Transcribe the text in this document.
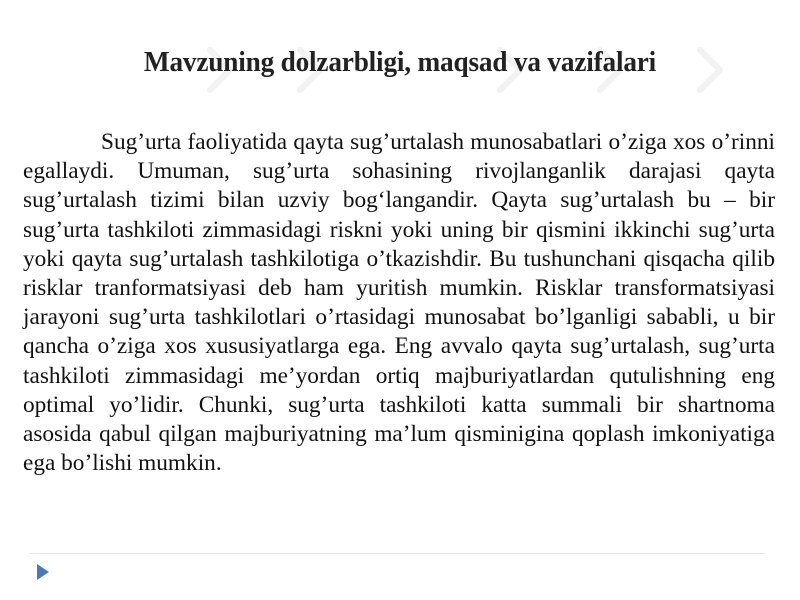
Mavzuning dolzarbligi, maqsad va vazifalari

Sug’urta faoliyatida qayta sug’urtalash munosabatlari o’ziga xos o’rinni egallaydi. Umuman, sug’urta sohasining rivojlanganlik darajasi qayta sug’urtalash tizimi bilan uzviy bog‘langandir. Qayta sug’urtalash bu – bir sug’urta tashkiloti zimmasidagi riskni yoki uning bir qismini ikkinchi sug’urta yoki qayta sug’urtalash tashkilotiga o’tkazishdir. Bu tushunchani qisqacha qilib risklar tranformatsiyasi deb ham yuritish mumkin. Risklar transformatsiyasi jarayoni sug’urta tashkilotlari o’rtasidagi munosabat bo’lganligi sababli, u bir qancha o’ziga xos xususiyatlarga ega. Eng avvalo qayta sug’urtalash, sug’urta tashkiloti zimmasidagi me’yordan ortiq majburiyatlardan qutulishning eng optimal yo’lidir. Chunki, sug’urta tashkiloti katta summali bir shartnoma asosida qabul qilgan majburiyatning ma’lum qisminigina qoplash imkoniyatiga ega bo’lishi mumkin.
